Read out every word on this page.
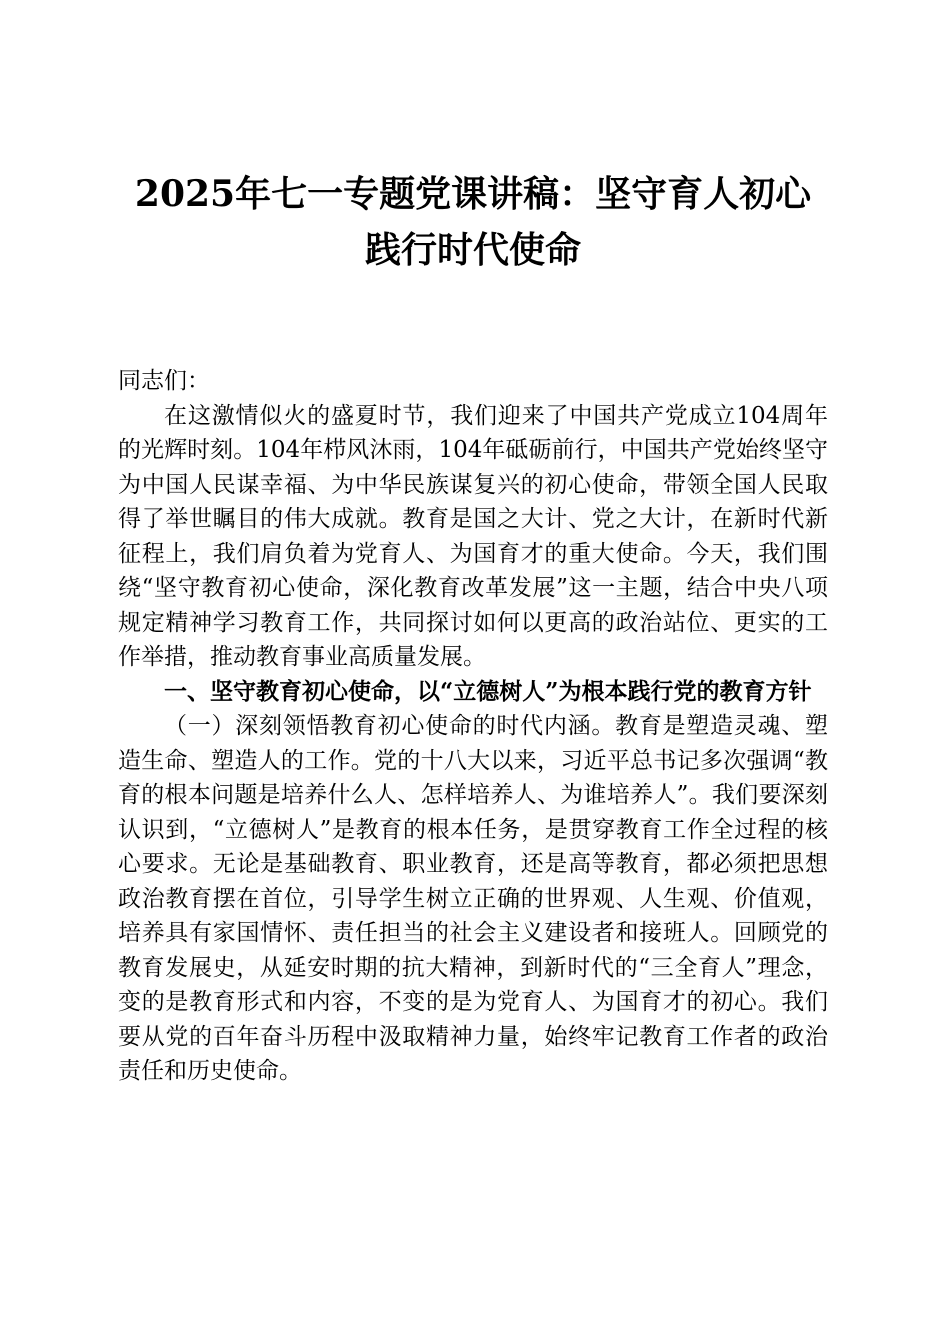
2025年七一专题党课讲稿：坚守育人初心践行时代使命

同志们：

在这激情似火的盛夏时节，我们迎来了中国共产党成立104周年的光辉时刻。104年栉风沐雨，104年砥砺前行，中国共产党始终坚守为中国人民谋幸福、为中华民族谋复兴的初心使命，带领全国人民取得了举世瞩目的伟大成就。教育是国之大计、党之大计，在新时代新征程上，我们肩负着为党育人、为国育才的重大使命。今天，我们围绕“坚守教育初心使命，深化教育改革发展”这一主题，结合中央八项规定精神学习教育工作，共同探讨如何以更高的政治站位、更实的工作举措，推动教育事业高质量发展。

一、坚守教育初心使命，以“立德树人”为根本践行党的教育方针

（一）深刻领悟教育初心使命的时代内涵。教育是塑造灵魂、塑造生命、塑造人的工作。党的十八大以来，习近平总书记多次强调“教育的根本问题是培养什么人、怎样培养人、为谁培养人”。我们要深刻认识到，“立德树人”是教育的根本任务，是贯穿教育工作全过程的核心要求。无论是基础教育、职业教育，还是高等教育，都必须把思想政治教育摆在首位，引导学生树立正确的世界观、人生观、价值观，培养具有家国情怀、责任担当的社会主义建设者和接班人。回顾党的教育发展史，从延安时期的抗大精神，到新时代的“三全育人”理念，变的是教育形式和内容，不变的是为党育人、为国育才的初心。我们要从党的百年奋斗历程中汲取精神力量，始终牢记教育工作者的政治责任和历史使命。
